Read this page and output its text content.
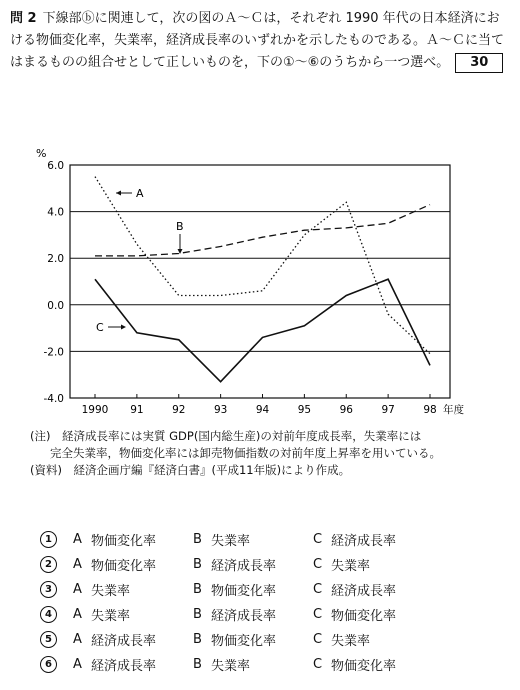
問 2 下線部ⓑに関連して，次の図のＡ～Ｃは，それぞれ 1990 年代の日本経済における物価変化率，失業率，経済成長率のいずれかを示したものである。Ａ～Ｃに当てはまるものの組合せとして正しいものを，下の①～⑥のうちから一つ選べ。 30
%
6.0
4.0
2.0
0.0
-2.0
-4.0
1990 91	92	93	94	95	96	97	98 年度
A
B
C
(注)　 経済成長率には実質 GDP(国内総生産)の対前年度成長率，失業率には
完全失業率，物価変化率には卸売物価指数の対前年度上昇率を用いている。
(資料)　 経済企画庁編『経済白書』(平成11年版)により作成。
1	A 物価変化率	B 失業率	C 経済成長率
2	A 物価変化率	B 経済成長率	C 失業率
3	A 失業率	B 物価変化率	C 経済成長率
4	A 失業率	B 経済成長率	C 物価変化率
5	A 経済成長率	B 物価変化率	C 失業率
6	A 経済成長率	B 失業率	C 物価変化率
